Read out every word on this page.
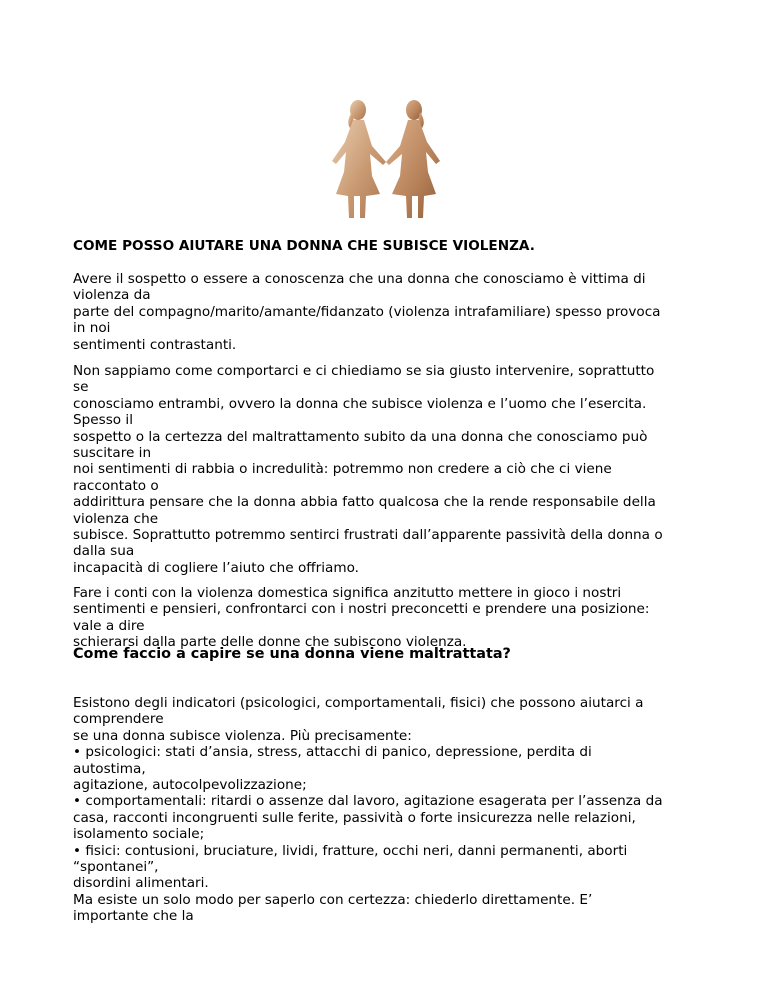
COME POSSO AIUTARE UNA DONNA CHE SUBISCE VIOLENZA.

Avere il sospetto o essere a conoscenza che una donna che conosciamo è vittima di
violenza da
parte del compagno/marito/amante/fidanzato (violenza intrafamiliare) spesso provoca
in noi
sentimenti contrastanti.

Non sappiamo come comportarci e ci chiediamo se sia giusto intervenire, soprattutto
se
conosciamo entrambi, ovvero la donna che subisce violenza e l’uomo che l’esercita.
Spesso il
sospetto o la certezza del maltrattamento subito da una donna che conosciamo può
suscitare in
noi sentimenti di rabbia o incredulità: potremmo non credere a ciò che ci viene
raccontato o
addirittura pensare che la donna abbia fatto qualcosa che la rende responsabile della
violenza che
subisce. Soprattutto potremmo sentirci frustrati dall’apparente passività della donna o
dalla sua
incapacità di cogliere l’aiuto che offriamo.

Fare i conti con la violenza domestica significa anzitutto mettere in gioco i nostri
sentimenti e pensieri, confrontarci con i nostri preconcetti e prendere una posizione:
vale a dire
schierarsi dalla parte delle donne che subiscono violenza.

Come faccio a capire se una donna viene maltrattata?

Esistono degli indicatori (psicologici, comportamentali, fisici) che possono aiutarci a
comprendere
se una donna subisce violenza. Più precisamente:
• psicologici: stati d’ansia, stress, attacchi di panico, depressione, perdita di
autostima,
agitazione, autocolpevolizzazione;
• comportamentali: ritardi o assenze dal lavoro, agitazione esagerata per l’assenza da
casa, racconti incongruenti sulle ferite, passività o forte insicurezza nelle relazioni,
isolamento sociale;
• fisici: contusioni, bruciature, lividi, fratture, occhi neri, danni permanenti, aborti
“spontanei”,
disordini alimentari.
Ma esiste un solo modo per saperlo con certezza: chiederlo direttamente. E’
importante che la
